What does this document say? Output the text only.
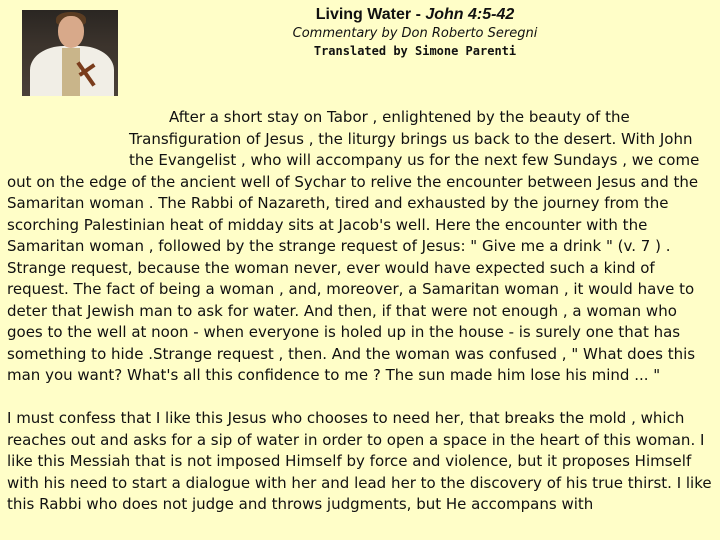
Living Water - John 4:5-42

Commentary by Don Roberto Seregni

Translated by Simone Parenti

After a short stay on Tabor , enlightened by the beauty of the Transfiguration of Jesus , the liturgy brings us back to the desert. With John the Evangelist , who will accompany us for the next few Sundays , we come out on the edge of the ancient well of Sychar to relive the encounter between Jesus and the Samaritan woman . The Rabbi of Nazareth, tired and exhausted by the journey from the scorching Palestinian heat of midday sits at Jacob's well. Here the encounter with the Samaritan woman , followed by the strange request of Jesus: " Give me a drink " (v. 7 ) . Strange request, because the woman never, ever would have expected such a kind of request. The fact of being a woman , and, moreover, a Samaritan woman , it would have to deter that Jewish man to ask for water. And then, if that were not enough , a woman who goes to the well at noon - when everyone is holed up in the house - is surely one that has something to hide .Strange request , then. And the woman was confused , " What does this man you want? What's all this confidence to me ? The sun made him lose his mind ... "

I must confess that I like this Jesus who chooses to need her, that breaks the mold , which reaches out and asks for a sip of water in order to open a space in the heart of this woman. I like this Messiah that is not imposed Himself by force and violence, but it proposes Himself with his need to start a dialogue with her and lead her to the discovery of his true thirst. I like this Rabbi who does not judge and throws judgments, but He accompans with
